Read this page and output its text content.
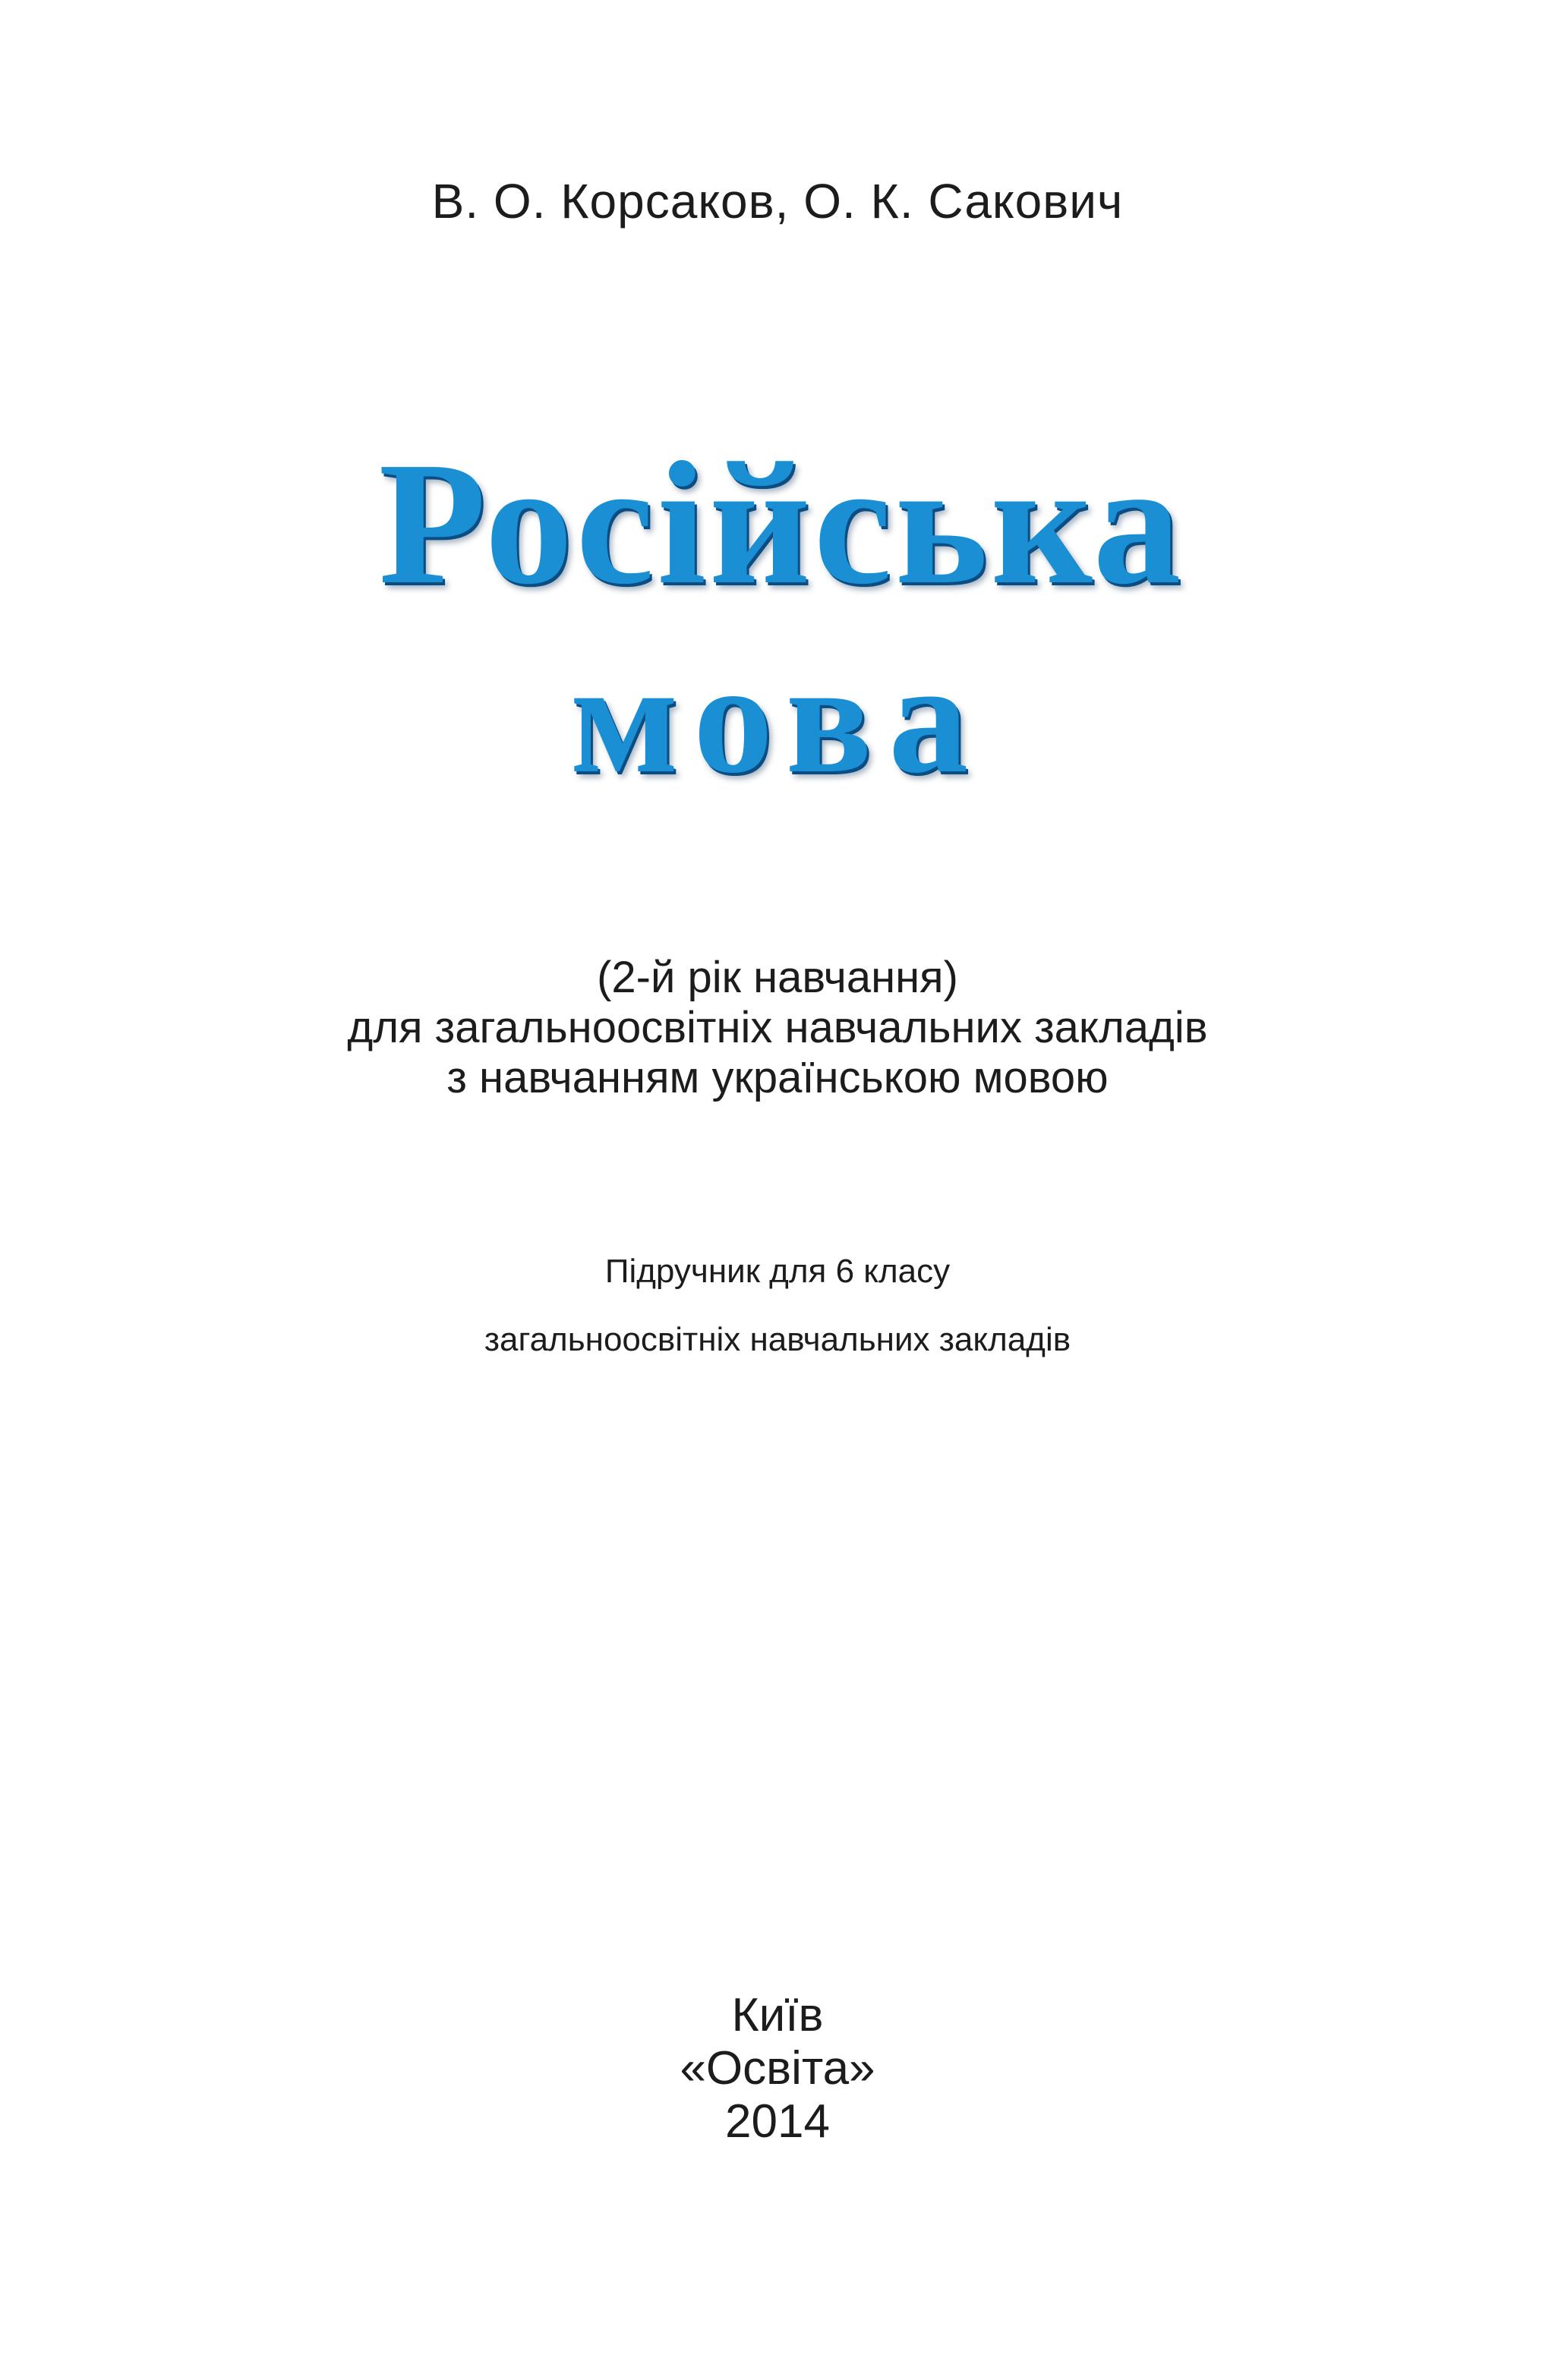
В. О. Корсаков, О. К. Сакович
Російська
мова
(2-й рік навчання)
для загальноосвітніх навчальних закладів
з навчанням українською мовою
Підручник для 6 класу
загальноосвітніх навчальних закладів
Київ
«Освіта»
2014
